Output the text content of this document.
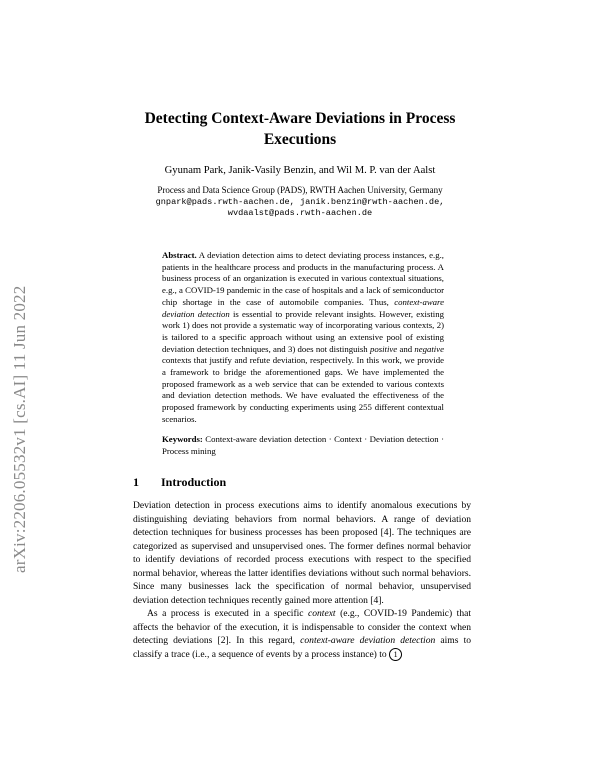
arXiv:2206.05532v1 [cs.AI] 11 Jun 2022
Detecting Context-Aware Deviations in Process Executions
Gyunam Park, Janik-Vasily Benzin, and Wil M. P. van der Aalst
Process and Data Science Group (PADS), RWTH Aachen University, Germany
gnpark@pads.rwth-aachen.de, janik.benzin@rwth-aachen.de,
wvdaalst@pads.rwth-aachen.de
Abstract. A deviation detection aims to detect deviating process instances, e.g., patients in the healthcare process and products in the manufacturing process. A business process of an organization is executed in various contextual situations, e.g., a COVID-19 pandemic in the case of hospitals and a lack of semiconductor chip shortage in the case of automobile companies. Thus, context-aware deviation detection is essential to provide relevant insights. However, existing work 1) does not provide a systematic way of incorporating various contexts, 2) is tailored to a specific approach without using an extensive pool of existing deviation detection techniques, and 3) does not distinguish positive and negative contexts that justify and refute deviation, respectively. In this work, we provide a framework to bridge the aforementioned gaps. We have implemented the proposed framework as a web service that can be extended to various contexts and deviation detection methods. We have evaluated the effectiveness of the proposed framework by conducting experiments using 255 different contextual scenarios.
Keywords: Context-aware deviation detection · Context · Deviation detection · Process mining
1 Introduction

Deviation detection in process executions aims to identify anomalous executions by distinguishing deviating behaviors from normal behaviors. A range of deviation detection techniques for business processes has been proposed [4]. The techniques are categorized as supervised and unsupervised ones. The former defines normal behavior to identify deviations of recorded process executions with respect to the specified normal behavior, whereas the latter identifies deviations without such normal behaviors. Since many businesses lack the specification of normal behavior, unsupervised deviation detection techniques recently gained more attention [4].

As a process is executed in a specific context (e.g., COVID-19 Pandemic) that affects the behavior of the execution, it is indispensable to consider the context when detecting deviations [2]. In this regard, context-aware deviation detection aims to classify a trace (i.e., a sequence of events by a process instance) to 1
